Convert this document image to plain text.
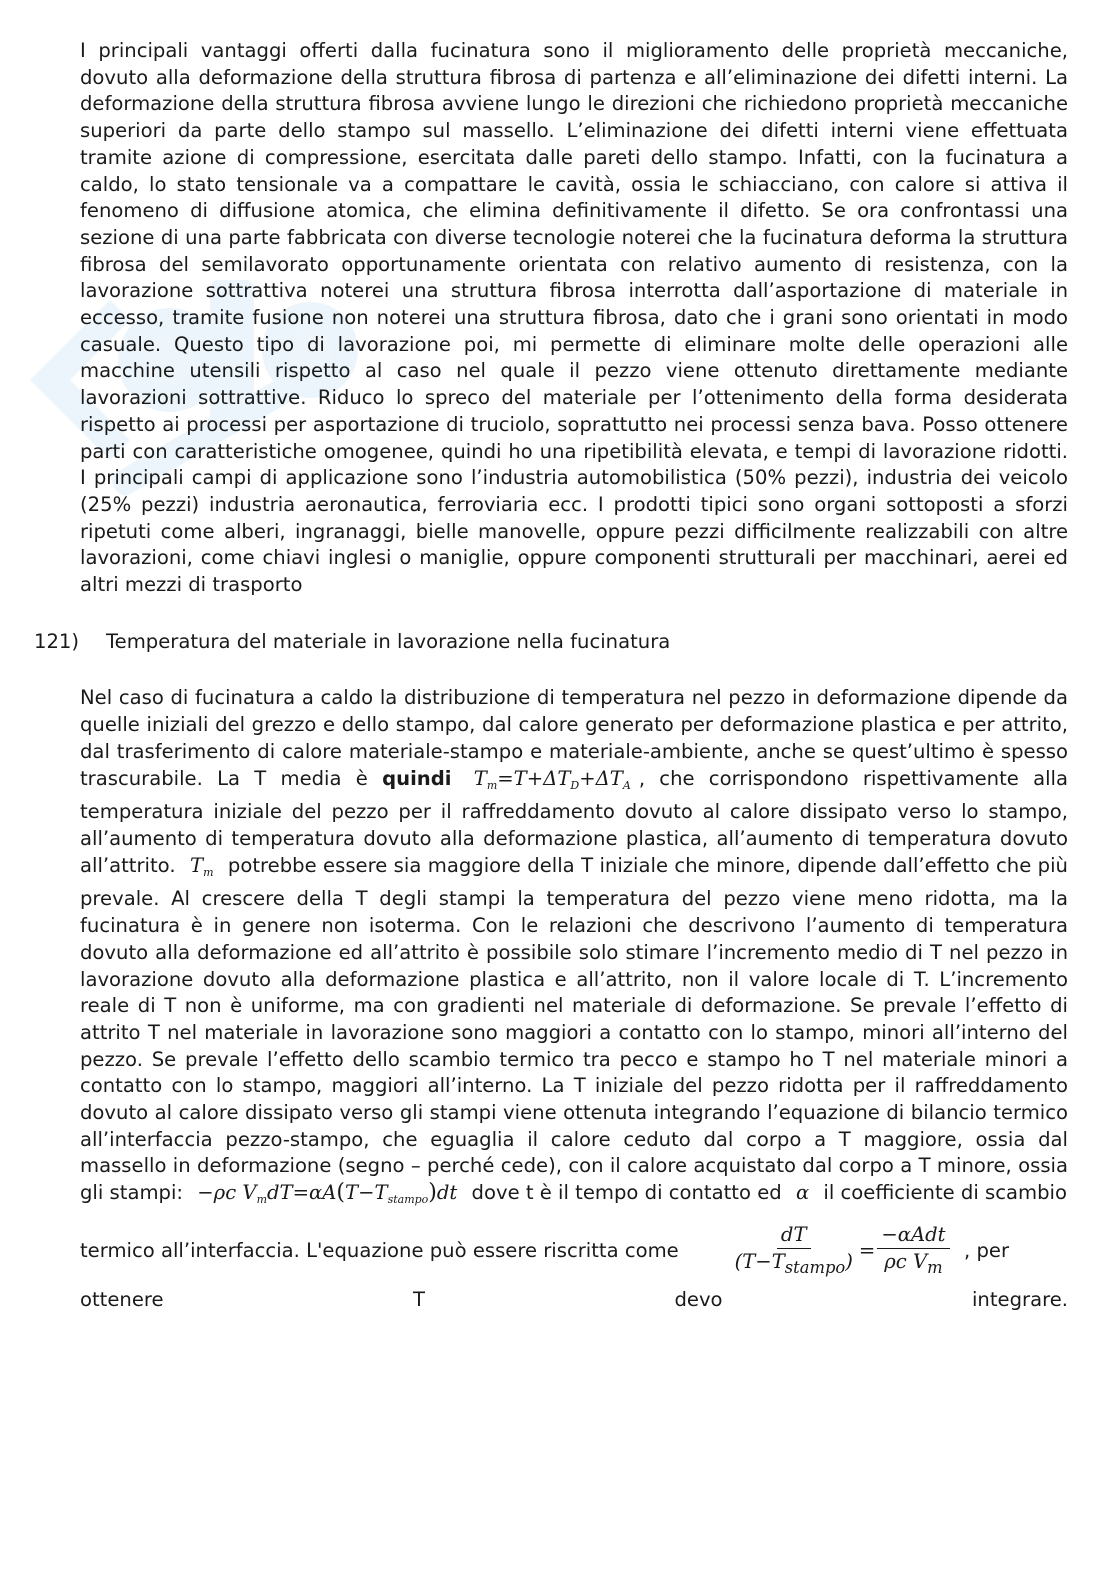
I principali vantaggi offerti dalla fucinatura sono il miglioramento delle proprietà meccaniche, dovuto alla deformazione della struttura fibrosa di partenza e all’eliminazione dei difetti interni. La deformazione della struttura fibrosa avviene lungo le direzioni che richiedono proprietà meccaniche superiori da parte dello stampo sul massello. L’eliminazione dei difetti interni viene effettuata tramite azione di compressione, esercitata dalle pareti dello stampo. Infatti, con la fucinatura a caldo, lo stato tensionale va a compattare le cavità, ossia le schiacciano, con calore si attiva il fenomeno di diffusione atomica, che elimina definitivamente il difetto. Se ora confrontassi una sezione di una parte fabbricata con diverse tecnologie noterei che la fucinatura deforma la struttura fibrosa del semilavorato opportunamente orientata con relativo aumento di resistenza, con la lavorazione sottrattiva noterei una struttura fibrosa interrotta dall’asportazione di materiale in eccesso, tramite fusione non noterei una struttura fibrosa, dato che i grani sono orientati in modo casuale. Questo tipo di lavorazione poi, mi permette di eliminare molte delle operazioni alle macchine utensili rispetto al caso nel quale il pezzo viene ottenuto direttamente mediante lavorazioni sottrattive. Riduco lo spreco del materiale per l’ottenimento della forma desiderata rispetto ai processi per asportazione di truciolo, soprattutto nei processi senza bava. Posso ottenere parti con caratteristiche omogenee, quindi ho una ripetibilità elevata, e tempi di lavorazione ridotti. I principali campi di applicazione sono l’industria automobilistica (50% pezzi), industria dei veicolo (25% pezzi) industria aeronautica, ferroviaria ecc. I prodotti tipici sono organi sottoposti a sforzi ripetuti come alberi, ingranaggi, bielle manovelle, oppure pezzi difficilmente realizzabili con altre lavorazioni, come chiavi inglesi o maniglie, oppure componenti strutturali per macchinari, aerei ed altri mezzi di trasporto

121)	Temperatura del materiale in lavorazione nella fucinatura

Nel caso di fucinatura a caldo la distribuzione di temperatura nel pezzo in deformazione dipende da quelle iniziali del grezzo e dello stampo, dal calore generato per deformazione plastica e per attrito, dal trasferimento di calore materiale-stampo e materiale-ambiente, anche se quest’ultimo è spesso trascurabile. La T media è quindi $T_m=T+\Delta T_D+\Delta T_A$ , che corrispondono rispettivamente alla temperatura iniziale del pezzo per il raffreddamento dovuto al calore dissipato verso lo stampo, all’aumento di temperatura dovuto alla deformazione plastica, all’aumento di temperatura dovuto all’attrito. $T_m$ potrebbe essere sia maggiore della T iniziale che minore, dipende dall’effetto che più prevale. Al crescere della T degli stampi la temperatura del pezzo viene meno ridotta, ma la fucinatura è in genere non isoterma. Con le relazioni che descrivono l’aumento di temperatura dovuto alla deformazione ed all’attrito è possibile solo stimare l’incremento medio di T nel pezzo in lavorazione dovuto alla deformazione plastica e all’attrito, non il valore locale di T. L’incremento reale di T non è uniforme, ma con gradienti nel materiale di deformazione. Se prevale l’effetto di attrito T nel materiale in lavorazione sono maggiori a contatto con lo stampo, minori all’interno del pezzo. Se prevale l’effetto dello scambio termico tra pecco e stampo ho T nel materiale minori a contatto con lo stampo, maggiori all’interno. La T iniziale del pezzo ridotta per il raffreddamento dovuto al calore dissipato verso gli stampi viene ottenuta integrando l’equazione di bilancio termico all’interfaccia pezzo-stampo, che eguaglia il calore ceduto dal corpo a T maggiore, ossia dal massello in deformazione (segno – perché cede), con il calore acquistato dal corpo a T minore, ossia gli stampi: −ρc $V_mdT=\alpha A(T-T_{stampo})dt$ dove t è il tempo di contatto ed α il coefficiente di scambio

termico all’interfaccia. L'equazione può essere riscritta come	$\frac{dT}{(T-T_{stampo})} = \frac{\text{−αAdt}}{\rho c V_m}$ , per

ottenere T devo integrare.
